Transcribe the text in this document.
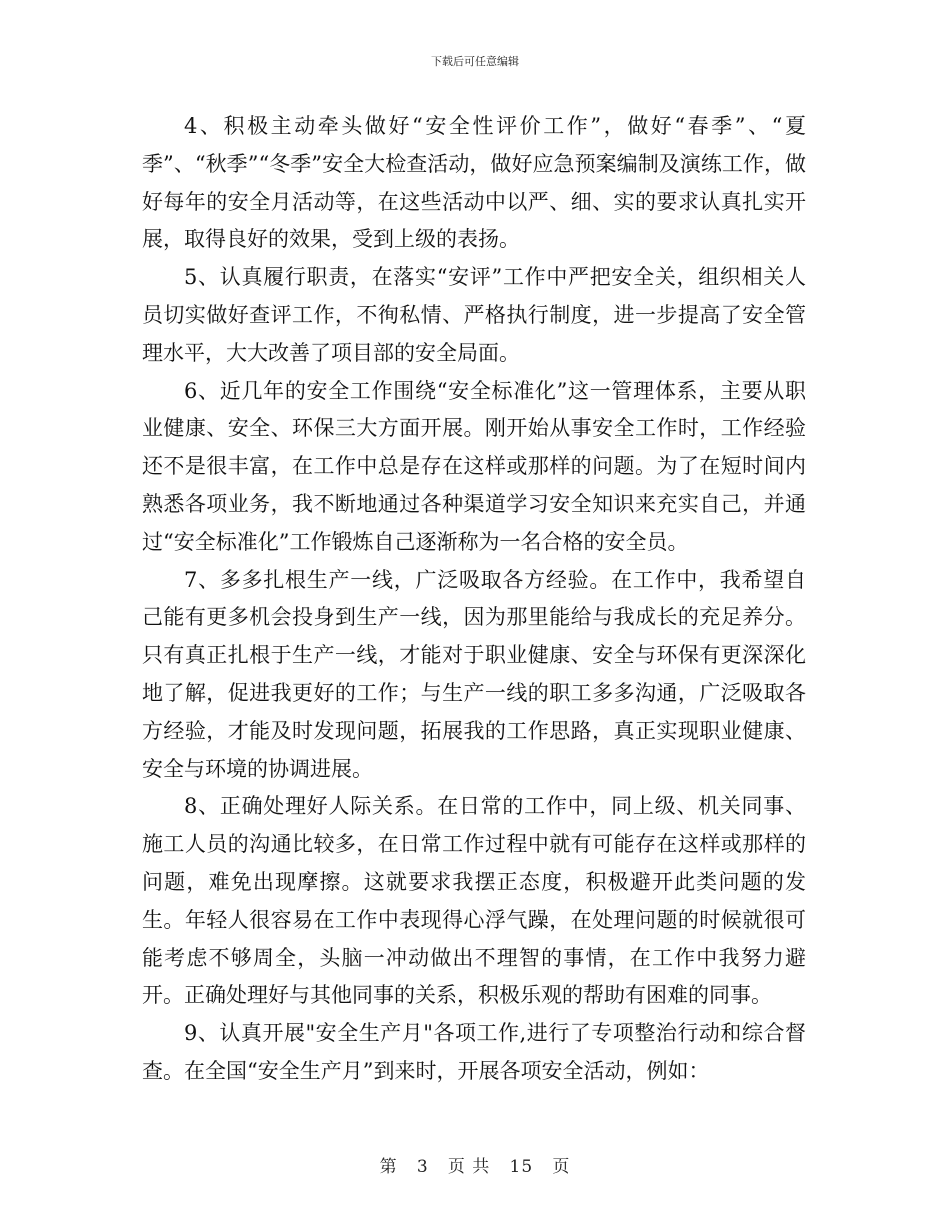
下载后可任意编辑

4、积极主动牵头做好“安全性评价工作”，做好“春季”、“夏季”、“秋季”“冬季”安全大检查活动，做好应急预案编制及演练工作，做好每年的安全月活动等，在这些活动中以严、细、实的要求认真扎实开展，取得良好的效果，受到上级的表扬。

5、认真履行职责，在落实“安评”工作中严把安全关，组织相关人员切实做好查评工作，不徇私情、严格执行制度，进一步提高了安全管理水平，大大改善了项目部的安全局面。

6、近几年的安全工作围绕“安全标准化”这一管理体系，主要从职业健康、安全、环保三大方面开展。刚开始从事安全工作时，工作经验还不是很丰富，在工作中总是存在这样或那样的问题。为了在短时间内熟悉各项业务，我不断地通过各种渠道学习安全知识来充实自己，并通过“安全标准化”工作锻炼自己逐渐称为一名合格的安全员。

7、多多扎根生产一线，广泛吸取各方经验。在工作中，我希望自己能有更多机会投身到生产一线，因为那里能给与我成长的充足养分。只有真正扎根于生产一线，才能对于职业健康、安全与环保有更深深化地了解，促进我更好的工作；与生产一线的职工多多沟通，广泛吸取各方经验，才能及时发现问题，拓展我的工作思路，真正实现职业健康、安全与环境的协调进展。

8、正确处理好人际关系。在日常的工作中，同上级、机关同事、施工人员的沟通比较多，在日常工作过程中就有可能存在这样或那样的问题，难免出现摩擦。这就要求我摆正态度，积极避开此类问题的发生。年轻人很容易在工作中表现得心浮气躁，在处理问题的时候就很可能考虑不够周全，头脑一冲动做出不理智的事情，在工作中我努力避开。正确处理好与其他同事的关系，积极乐观的帮助有困难的同事。

9、认真开展"安全生产月"各项工作,进行了专项整治行动和综合督查。在全国“安全生产月”到来时，开展各项安全活动，例如：

第 3 页 共 15 页
